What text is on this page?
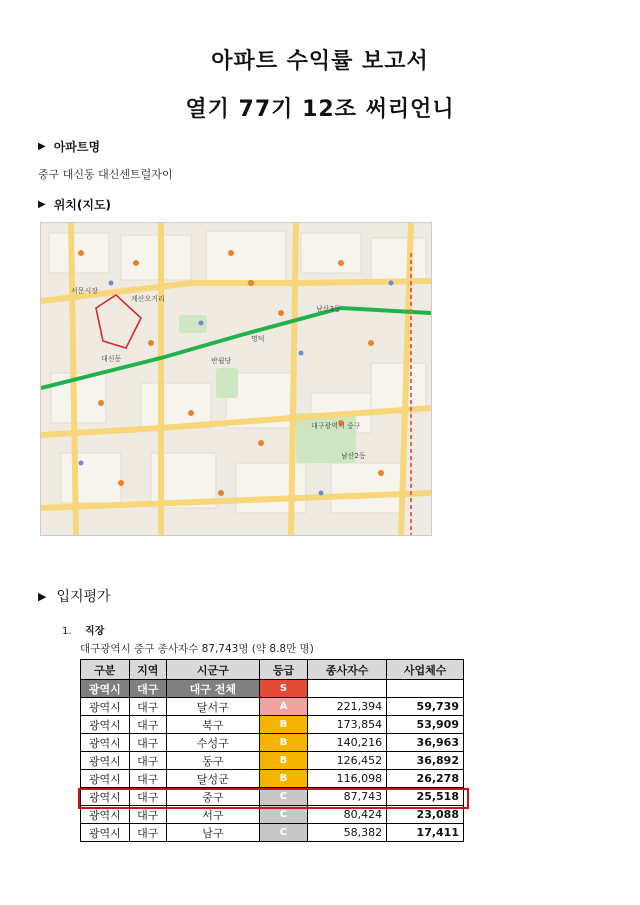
아파트 수익률 보고서
열기 77기 12조 써리언니
▶ 아파트명
중구 대신동 대신센트럴자이
▶ 위치(지도)
남산3동
대구광역시 중구
대신동
남산2동
명덕
반월당
서문시장
계산오거리
▶ 입지평가
1. 직장
대구광역시 중구 종사자수 87,743명 (약 8.8만 명)
구분	지역	시군구	등급	종사자수	사업체수
광역시	대구	대구 전체	S		
광역시	대구	달서구	A	221,394	59,739
광역시	대구	북구	B	173,854	53,909
광역시	대구	수성구	B	140,216	36,963
광역시	대구	동구	B	126,452	36,892
광역시	대구	달성군	B	116,098	26,278
광역시	대구	중구	C	87,743	25,518
광역시	대구	서구	C	80,424	23,088
광역시	대구	남구	C	58,382	17,411
